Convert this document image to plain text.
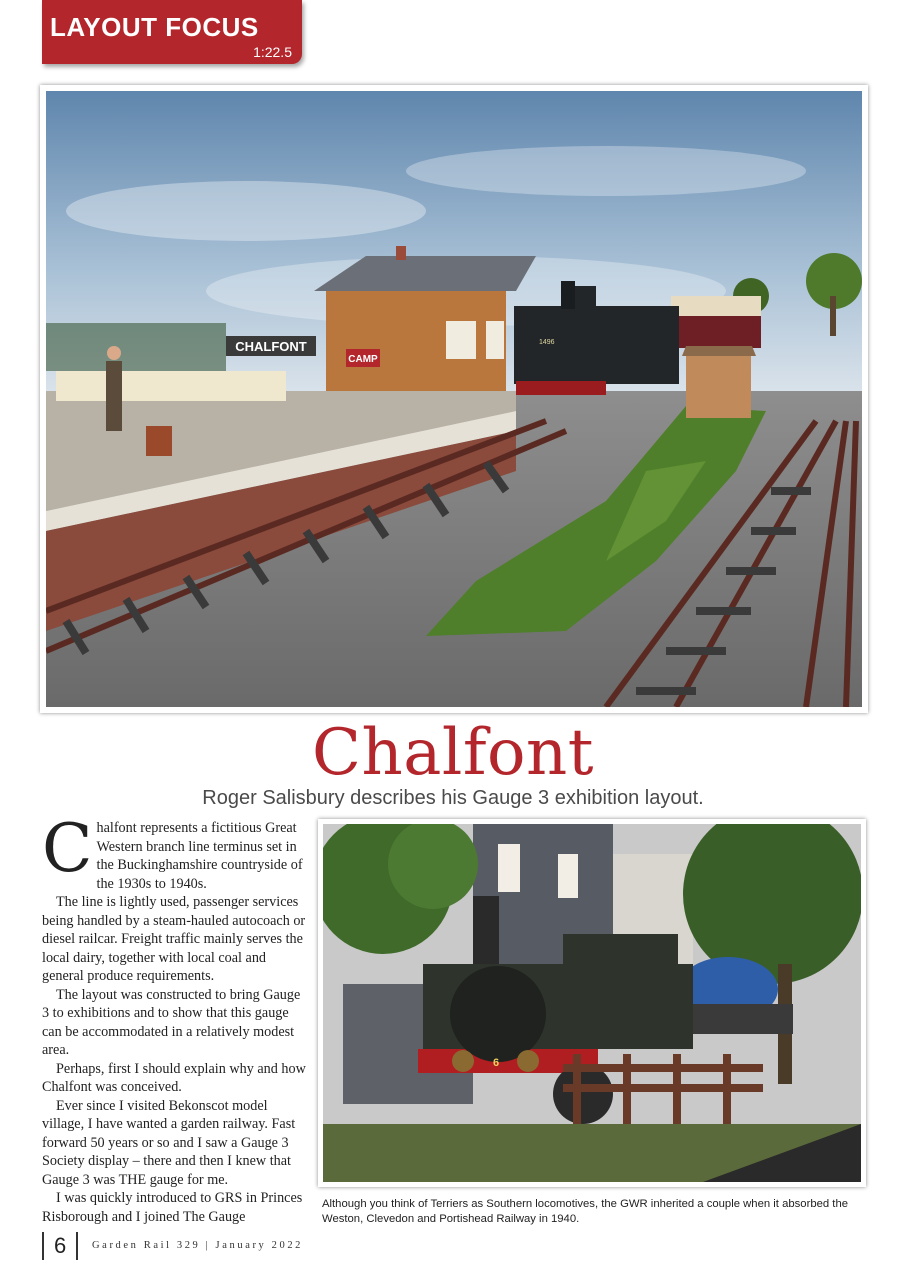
LAYOUT FOCUS
1:22.5
CHALFONT
CAMP
1496
Chalfont
Roger Salisbury describes his Gauge 3 exhibition layout.

Chalfont represents a fictitious Great Western branch line terminus set in the Buckinghamshire countryside of the 1930s to 1940s.

The line is lightly used, passenger services being handled by a steam-hauled autocoach or diesel railcar. Freight traffic mainly serves the local dairy, together with local coal and general produce requirements.

The layout was constructed to bring Gauge 3 to exhibitions and to show that this gauge can be accommodated in a relatively modest area.

Perhaps, first I should explain why and how Chalfont was conceived.

Ever since I visited Bekonscot model village, I have wanted a garden railway. Fast forward 50 years or so and I saw a Gauge 3 Society display – there and then I knew that Gauge 3 was THE gauge for me.

I was quickly introduced to GRS in Princes Risborough and I joined The Gauge

6
Although you think of Terriers as Southern locomotives, the GWR inherited a couple when it absorbed the Weston, Clevedon and Portishead Railway in 1940.
6	Garden Rail 329 | January 2022
